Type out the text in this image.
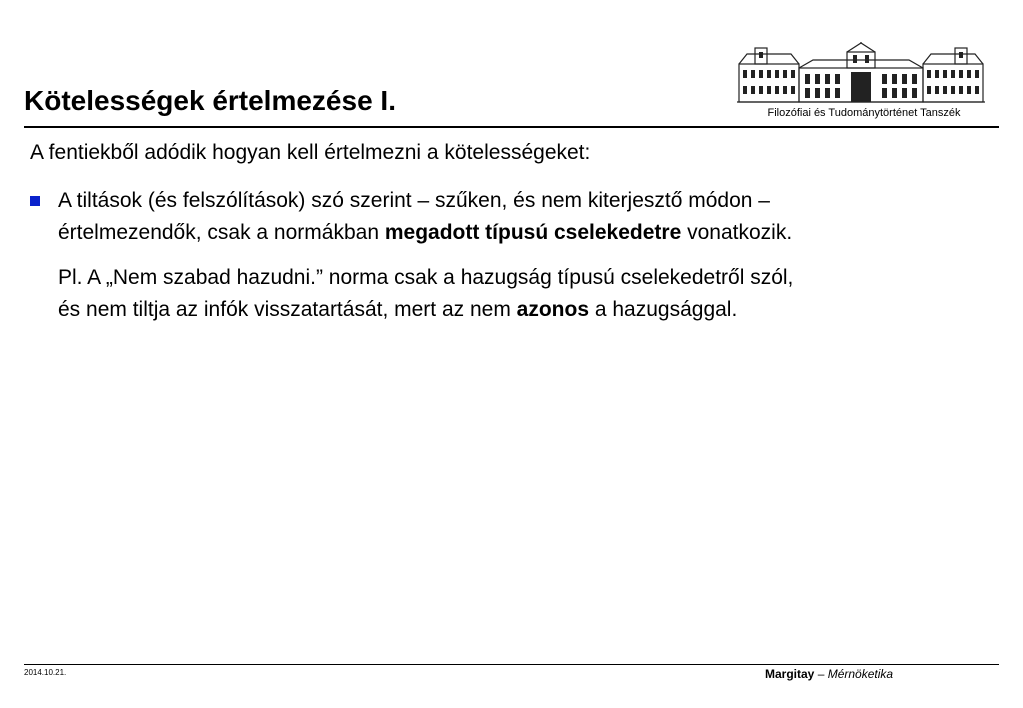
Filozófiai és Tudománytörténet Tanszék
Kötelességek értelmezése I.
A fentiekből adódik hogyan kell értelmezni a kötelességeket:
A tiltások (és felszólítások) szó szerint – szűken, és nem kiterjesztő módon –
értelmezendők, csak a normákban megadott típusú cselekedetre vonatkozik.
Pl. A „Nem szabad hazudni.” norma csak a hazugság típusú cselekedetről szól,
és nem tiltja az infók visszatartását, mert az nem azonos a hazugsággal.
2014.10.21.	Margitay – Mérnöketika
